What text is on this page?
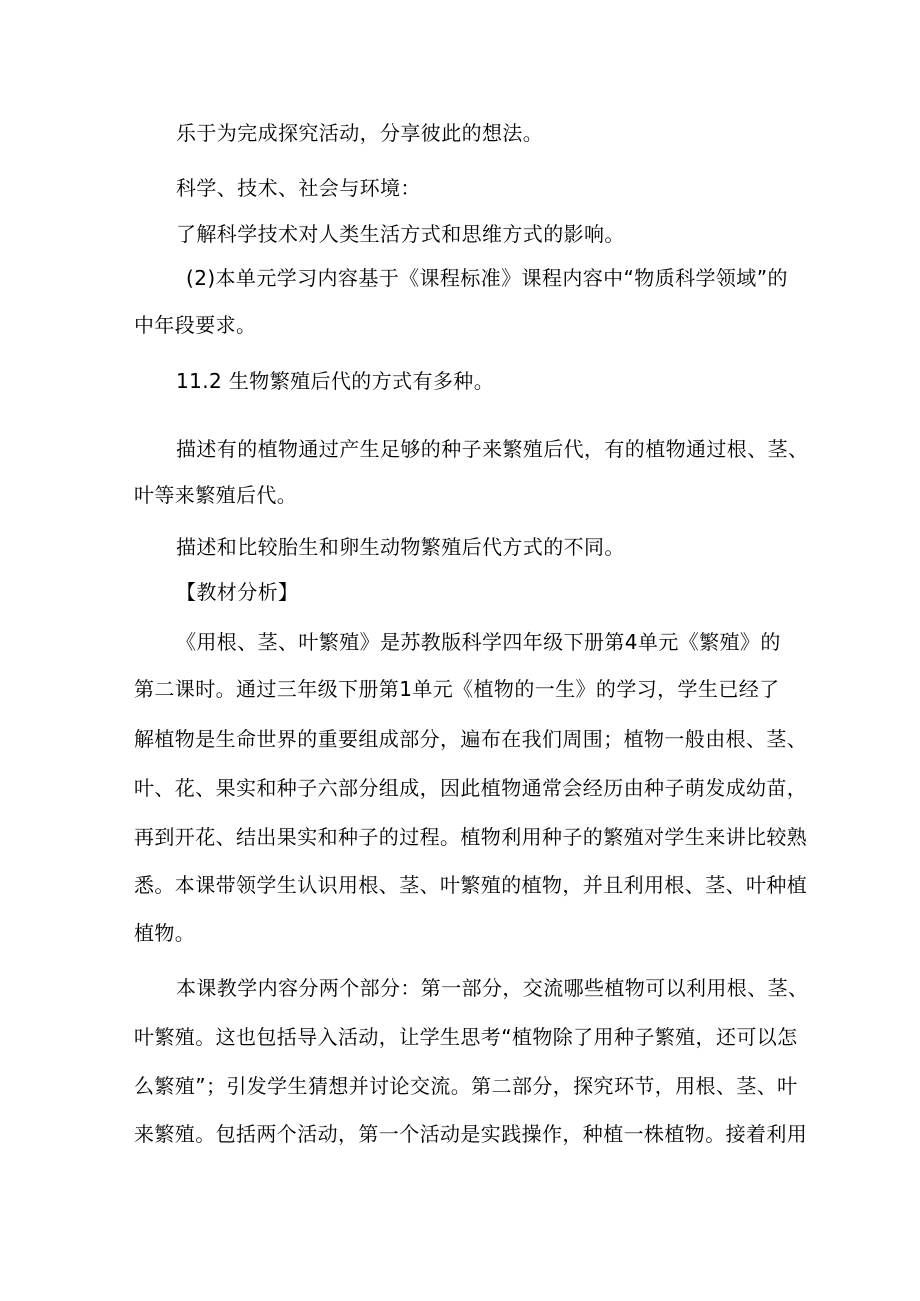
乐于为完成探究活动，分享彼此的想法。
科学、技术、社会与环境：
了解科学技术对人类生活方式和思维方式的影响。
(2)本单元学习内容基于《课程标准》课程内容中“物质科学领域”的
中年段要求。
11.2 生物繁殖后代的方式有多种。
描述有的植物通过产生足够的种子来繁殖后代，有的植物通过根、茎、
叶等来繁殖后代。
描述和比较胎生和卵生动物繁殖后代方式的不同。
【教材分析】
《用根、茎、叶繁殖》是苏教版科学四年级下册第4单元《繁殖》的
第二课时。通过三年级下册第1单元《植物的一生》的学习，学生已经了
解植物是生命世界的重要组成部分，遍布在我们周围；植物一般由根、茎、
叶、花、果实和种子六部分组成，因此植物通常会经历由种子萌发成幼苗，
再到开花、结出果实和种子的过程。植物利用种子的繁殖对学生来讲比较熟
悉。本课带领学生认识用根、茎、叶繁殖的植物，并且利用根、茎、叶种植
植物。
本课教学内容分两个部分：第一部分，交流哪些植物可以利用根、茎、
叶繁殖。这也包括导入活动，让学生思考“植物除了用种子繁殖，还可以怎
么繁殖”；引发学生猜想并讨论交流。第二部分，探究环节，用根、茎、叶
来繁殖。包括两个活动，第一个活动是实践操作，种植一株植物。接着利用
